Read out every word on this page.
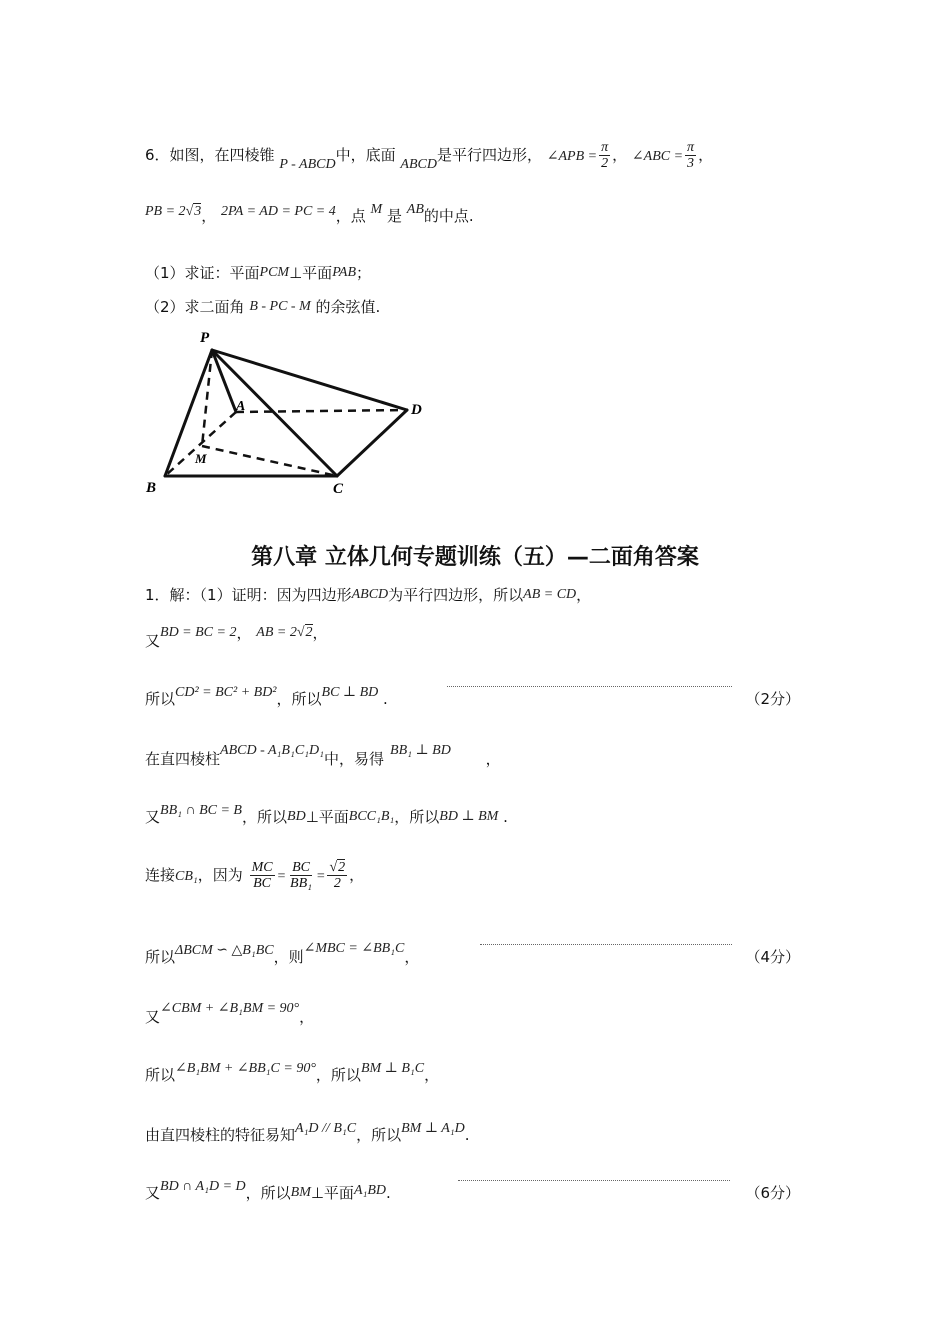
6．如图，在四棱锥 P - ABCD中，底面 ABCD是平行四边形， ∠APB = $\frac{\pi}{2}$ ， ∠ABC = $\frac{\pi}{3}$ ，
PB = 2√3， 2PA = AD = PC = 4，点 M 是 AB的中点.
（1）求证：平面PCM⊥平面PAB；
（2）求二面角 B - PC - M 的余弦值.
P
A	D
M
B	C
第八章 立体几何专题训练（五）—二面角答案
1．解：（1）证明：因为四边形ABCD为平行四边形，所以AB = CD，
又BD = BC = 2， AB = 2√2，
所以CD² = BC² + BD²，所以BC ⊥ BD .	（2分）
在直四棱柱ABCD - A₁B₁C₁D₁中，易得 BB₁ ⊥ BD ，
又BB₁ ∩ BC = B，所以BD⊥平面BCC₁B₁，所以BD ⊥ BM .
连接CB₁，因为 $\frac{MC}{BC} = \frac{BC}{\text{BB₁}} = \frac{√2}{2}$ ，
所以ΔBCM ∽ △B₁BC，则∠MBC = ∠BB₁C，	（4分）
又∠CBM + ∠B₁BM = 90°，
所以∠B₁BM + ∠BB₁C = 90°，所以BM ⊥ B₁C，
由直四棱柱的特征易知A₁D // B₁C，所以BM ⊥ A₁D.
又BD ∩ A₁D = D，所以BM⊥平面A₁BD.	（6分）
